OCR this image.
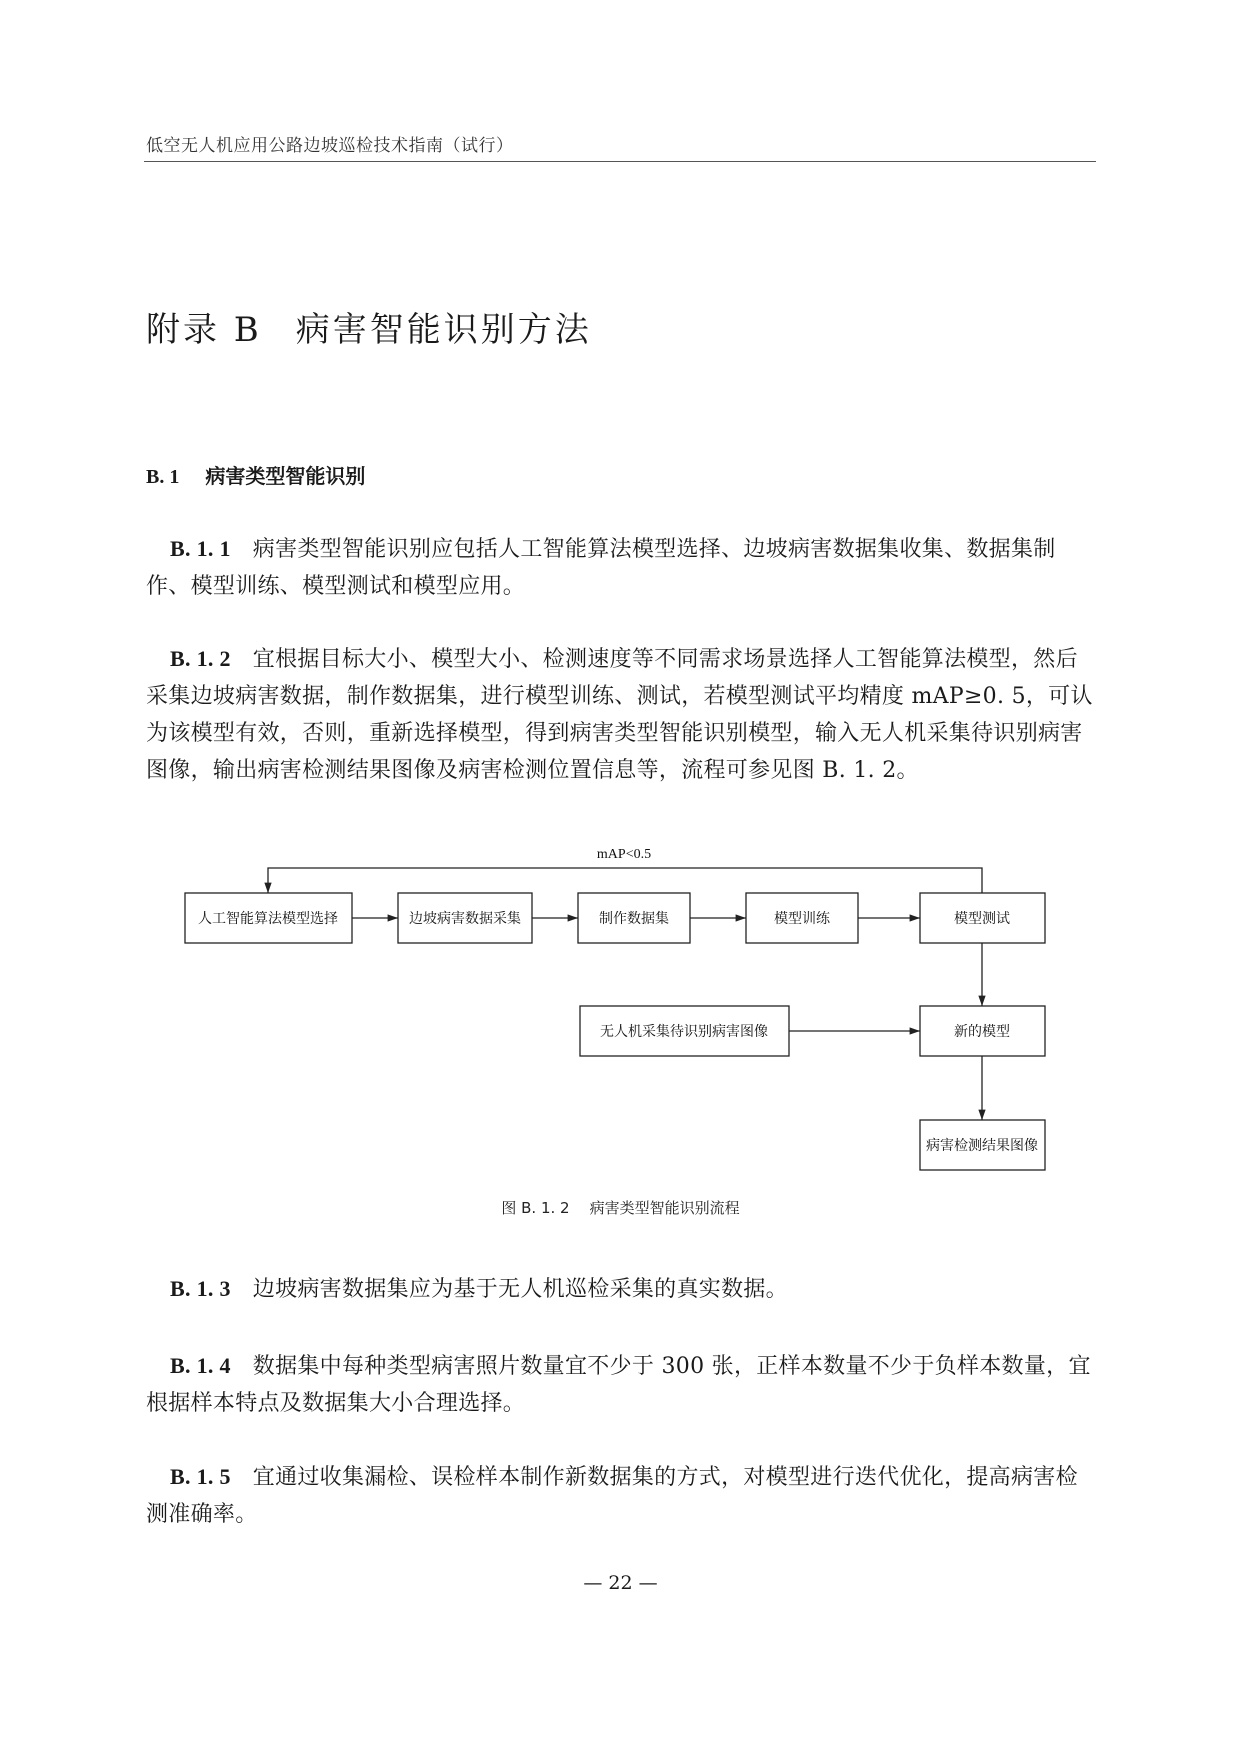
低空无人机应用公路边坡巡检技术指南（试行）
附录 B 病害智能识别方法
B. 1 病害类型智能识别

B. 1. 1 病害类型智能识别应包括人工智能算法模型选择、边坡病害数据集收集、数据集制作、模型训练、模型测试和模型应用。

B. 1. 2 宜根据目标大小、模型大小、检测速度等不同需求场景选择人工智能算法模型，然后采集边坡病害数据，制作数据集，进行模型训练、测试，若模型测试平均精度 mAP≥0. 5，可认为该模型有效，否则，重新选择模型，得到病害类型智能识别模型，输入无人机采集待识别病害图像，输出病害检测结果图像及病害检测位置信息等，流程可参见图 B. 1. 2。

mAP<0.5
人工智能算法模型选择	边坡病害数据采集	制作数据集	模型训练	模型测试
无人机采集待识别病害图像	新的模型
病害检测结果图像
图 B. 1. 2 病害类型智能识别流程

B. 1. 3 边坡病害数据集应为基于无人机巡检采集的真实数据。

B. 1. 4 数据集中每种类型病害照片数量宜不少于 300 张，正样本数量不少于负样本数量，宜根据样本特点及数据集大小合理选择。

B. 1. 5 宜通过收集漏检、误检样本制作新数据集的方式，对模型进行迭代优化，提高病害检测准确率。

— 22 —
